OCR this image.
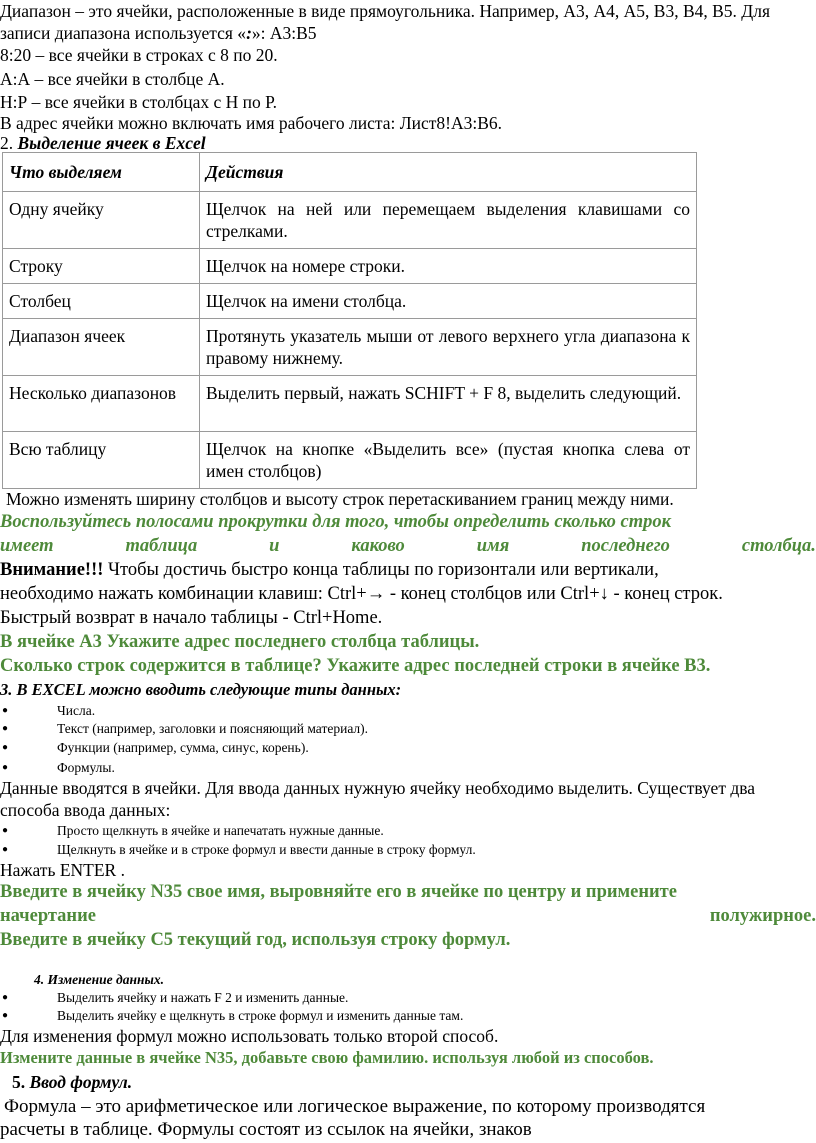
Диапазон – это ячейки, расположенные в виде прямоугольника. Например, А3, А4, А5, В3, В4, В5. Для
записи диапазона используется «:»: А3:В5
8:20 – все ячейки в строках с 8 по 20.
А:А – все ячейки в столбце А.
Н:Р – все ячейки в столбцах с Н по Р.
В адрес ячейки можно включать имя рабочего листа: Лист8!А3:В6.
2. Выделение ячеек в Excel
Что выделяем	Действия
Одну ячейку	Щелчок на ней или перемещаем выделения клавишами со стрелками.
Строку	Щелчок на номере строки.
Столбец	Щелчок на имени столбца.
Диапазон ячеек	Протянуть указатель мыши от левого верхнего угла диапазона к правому нижнему.
Несколько диапазонов	Выделить первый, нажать SCHIFT + F 8, выделить следующий.
Всю таблицу	Щелчок на кнопке «Выделить все» (пустая кнопка слева от имен столбцов)
Можно изменять ширину столбцов и высоту строк перетаскиванием границ между ними.
Воспользуйтесь полосами прокрутки для того, чтобы определить сколько строк
имеет	таблица	и	каково	имя	последнего	столбца.
Внимание!!! Чтобы достичь быстро конца таблицы по горизонтали или вертикали,
необходимо нажать комбинации клавиш: Ctrl+→ - конец столбцов или Ctrl+↓ - конец строк.
Быстрый возврат в начало таблицы - Ctrl+Home.
В ячейке А3 Укажите адрес последнего столбца таблицы.
Сколько строк содержится в таблице? Укажите адрес последней строки в ячейке В3.
3. В EXCEL можно вводить следующие типы данных:
●	Числа.
●	Текст (например, заголовки и поясняющий материал).
●	Функции (например, сумма, синус, корень).
●	Формулы.
Данные вводятся в ячейки. Для ввода данных нужную ячейку необходимо выделить. Существует два
способа ввода данных:
●	Просто щелкнуть в ячейке и напечатать нужные данные.
●	Щелкнуть в ячейке и в строке формул и ввести данные в строку формул.
Нажать ENTER .
Введите в ячейку N35 свое имя, выровняйте его в ячейке по центру и примените
начертание	полужирное.
Введите в ячейку С5 текущий год, используя строку формул.
4. Изменение данных.
●	Выделить ячейку и нажать F 2 и изменить данные.
●	Выделить ячейку е щелкнуть в строке формул и изменить данные там.
Для изменения формул можно использовать только второй способ.
Измените данные в ячейке N35, добавьте свою фамилию. используя любой из способов.
5. Ввод формул.
Формула – это арифметическое или логическое выражение, по которому производятся
расчеты в таблице. Формулы состоят из ссылок на ячейки, знаков
